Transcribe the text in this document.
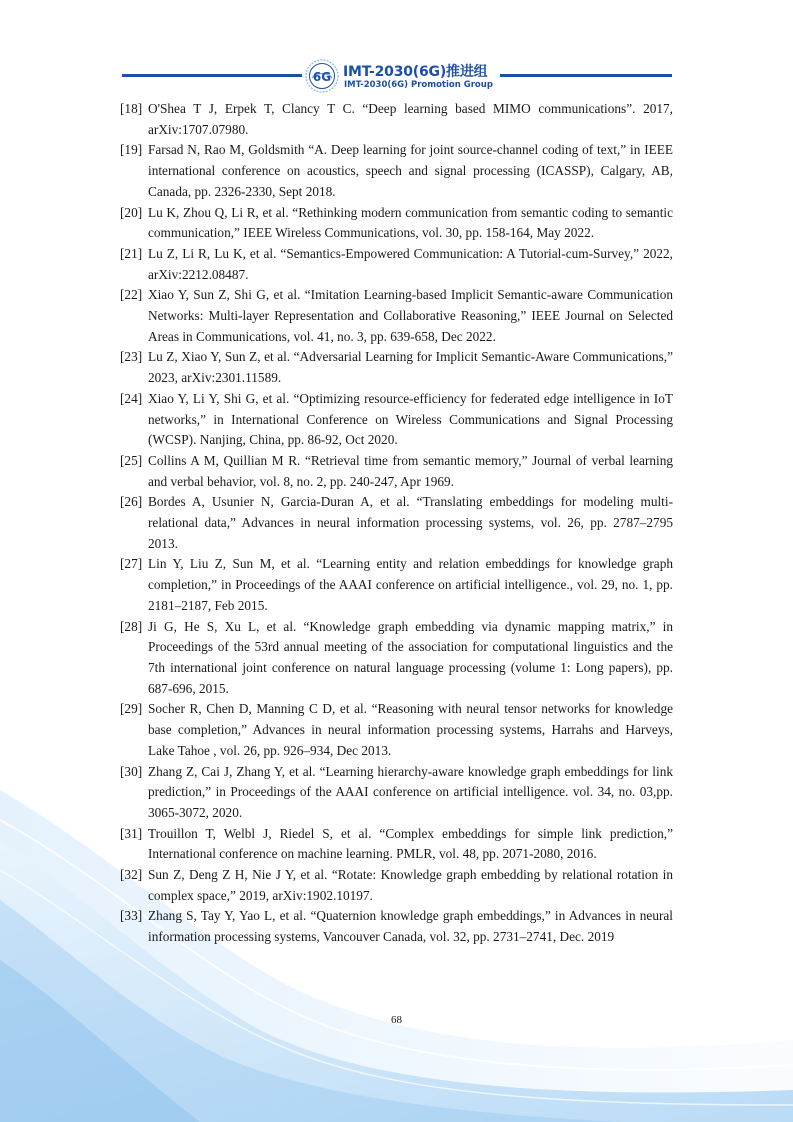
6G IMT-2030(6G)推进组
IMT-2030(6G) Promotion Group
[18] O'Shea T J, Erpek T, Clancy T C. “Deep learning based MIMO communications”. 2017, arXiv:1707.07980.
[19] Farsad N, Rao M, Goldsmith “A. Deep learning for joint source-channel coding of text,” in IEEE international conference on acoustics, speech and signal processing (ICASSP), Calgary, AB, Canada, pp. 2326-2330, Sept 2018.
[20] Lu K, Zhou Q, Li R, et al. “Rethinking modern communication from semantic coding to semantic communication,” IEEE Wireless Communications, vol. 30, pp. 158-164, May 2022.
[21] Lu Z, Li R, Lu K, et al. “Semantics-Empowered Communication: A Tutorial-cum-Survey,” 2022, arXiv:2212.08487.
[22] Xiao Y, Sun Z, Shi G, et al. “Imitation Learning-based Implicit Semantic-aware Communication Networks: Multi-layer Representation and Collaborative Reasoning,” IEEE Journal on Selected Areas in Communications, vol. 41, no. 3, pp. 639-658, Dec 2022.
[23] Lu Z, Xiao Y, Sun Z, et al. “Adversarial Learning for Implicit Semantic-Aware Communications,” 2023, arXiv:2301.11589.
[24] Xiao Y, Li Y, Shi G, et al. “Optimizing resource-efficiency for federated edge intelligence in IoT networks,” in International Conference on Wireless Communications and Signal Processing (WCSP). Nanjing, China, pp. 86-92, Oct 2020.
[25] Collins A M, Quillian M R. “Retrieval time from semantic memory,” Journal of verbal learning and verbal behavior, vol. 8, no. 2, pp. 240-247, Apr 1969.
[26] Bordes A, Usunier N, Garcia-Duran A, et al. “Translating embeddings for modeling multi-relational data,” Advances in neural information processing systems, vol. 26, pp. 2787–2795 2013.
[27] Lin Y, Liu Z, Sun M, et al. “Learning entity and relation embeddings for knowledge graph completion,” in Proceedings of the AAAI conference on artificial intelligence., vol. 29, no. 1, pp. 2181–2187, Feb 2015.
[28] Ji G, He S, Xu L, et al. “Knowledge graph embedding via dynamic mapping matrix,” in Proceedings of the 53rd annual meeting of the association for computational linguistics and the 7th international joint conference on natural language processing (volume 1: Long papers), pp. 687-696, 2015.
[29] Socher R, Chen D, Manning C D, et al. “Reasoning with neural tensor networks for knowledge base completion,” Advances in neural information processing systems, Harrahs and Harveys, Lake Tahoe , vol. 26, pp. 926–934, Dec 2013.
[30] Zhang Z, Cai J, Zhang Y, et al. “Learning hierarchy-aware knowledge graph embeddings for link prediction,” in Proceedings of the AAAI conference on artificial intelligence. vol. 34, no. 03,pp. 3065-3072, 2020.
[31] Trouillon T, Welbl J, Riedel S, et al. “Complex embeddings for simple link prediction,” International conference on machine learning. PMLR, vol. 48, pp. 2071-2080, 2016.
[32] Sun Z, Deng Z H, Nie J Y, et al. “Rotate: Knowledge graph embedding by relational rotation in complex space,” 2019, arXiv:1902.10197.
[33] Zhang S, Tay Y, Yao L, et al. “Quaternion knowledge graph embeddings,” in Advances in neural information processing systems, Vancouver Canada, vol. 32, pp. 2731–2741, Dec. 2019
68
